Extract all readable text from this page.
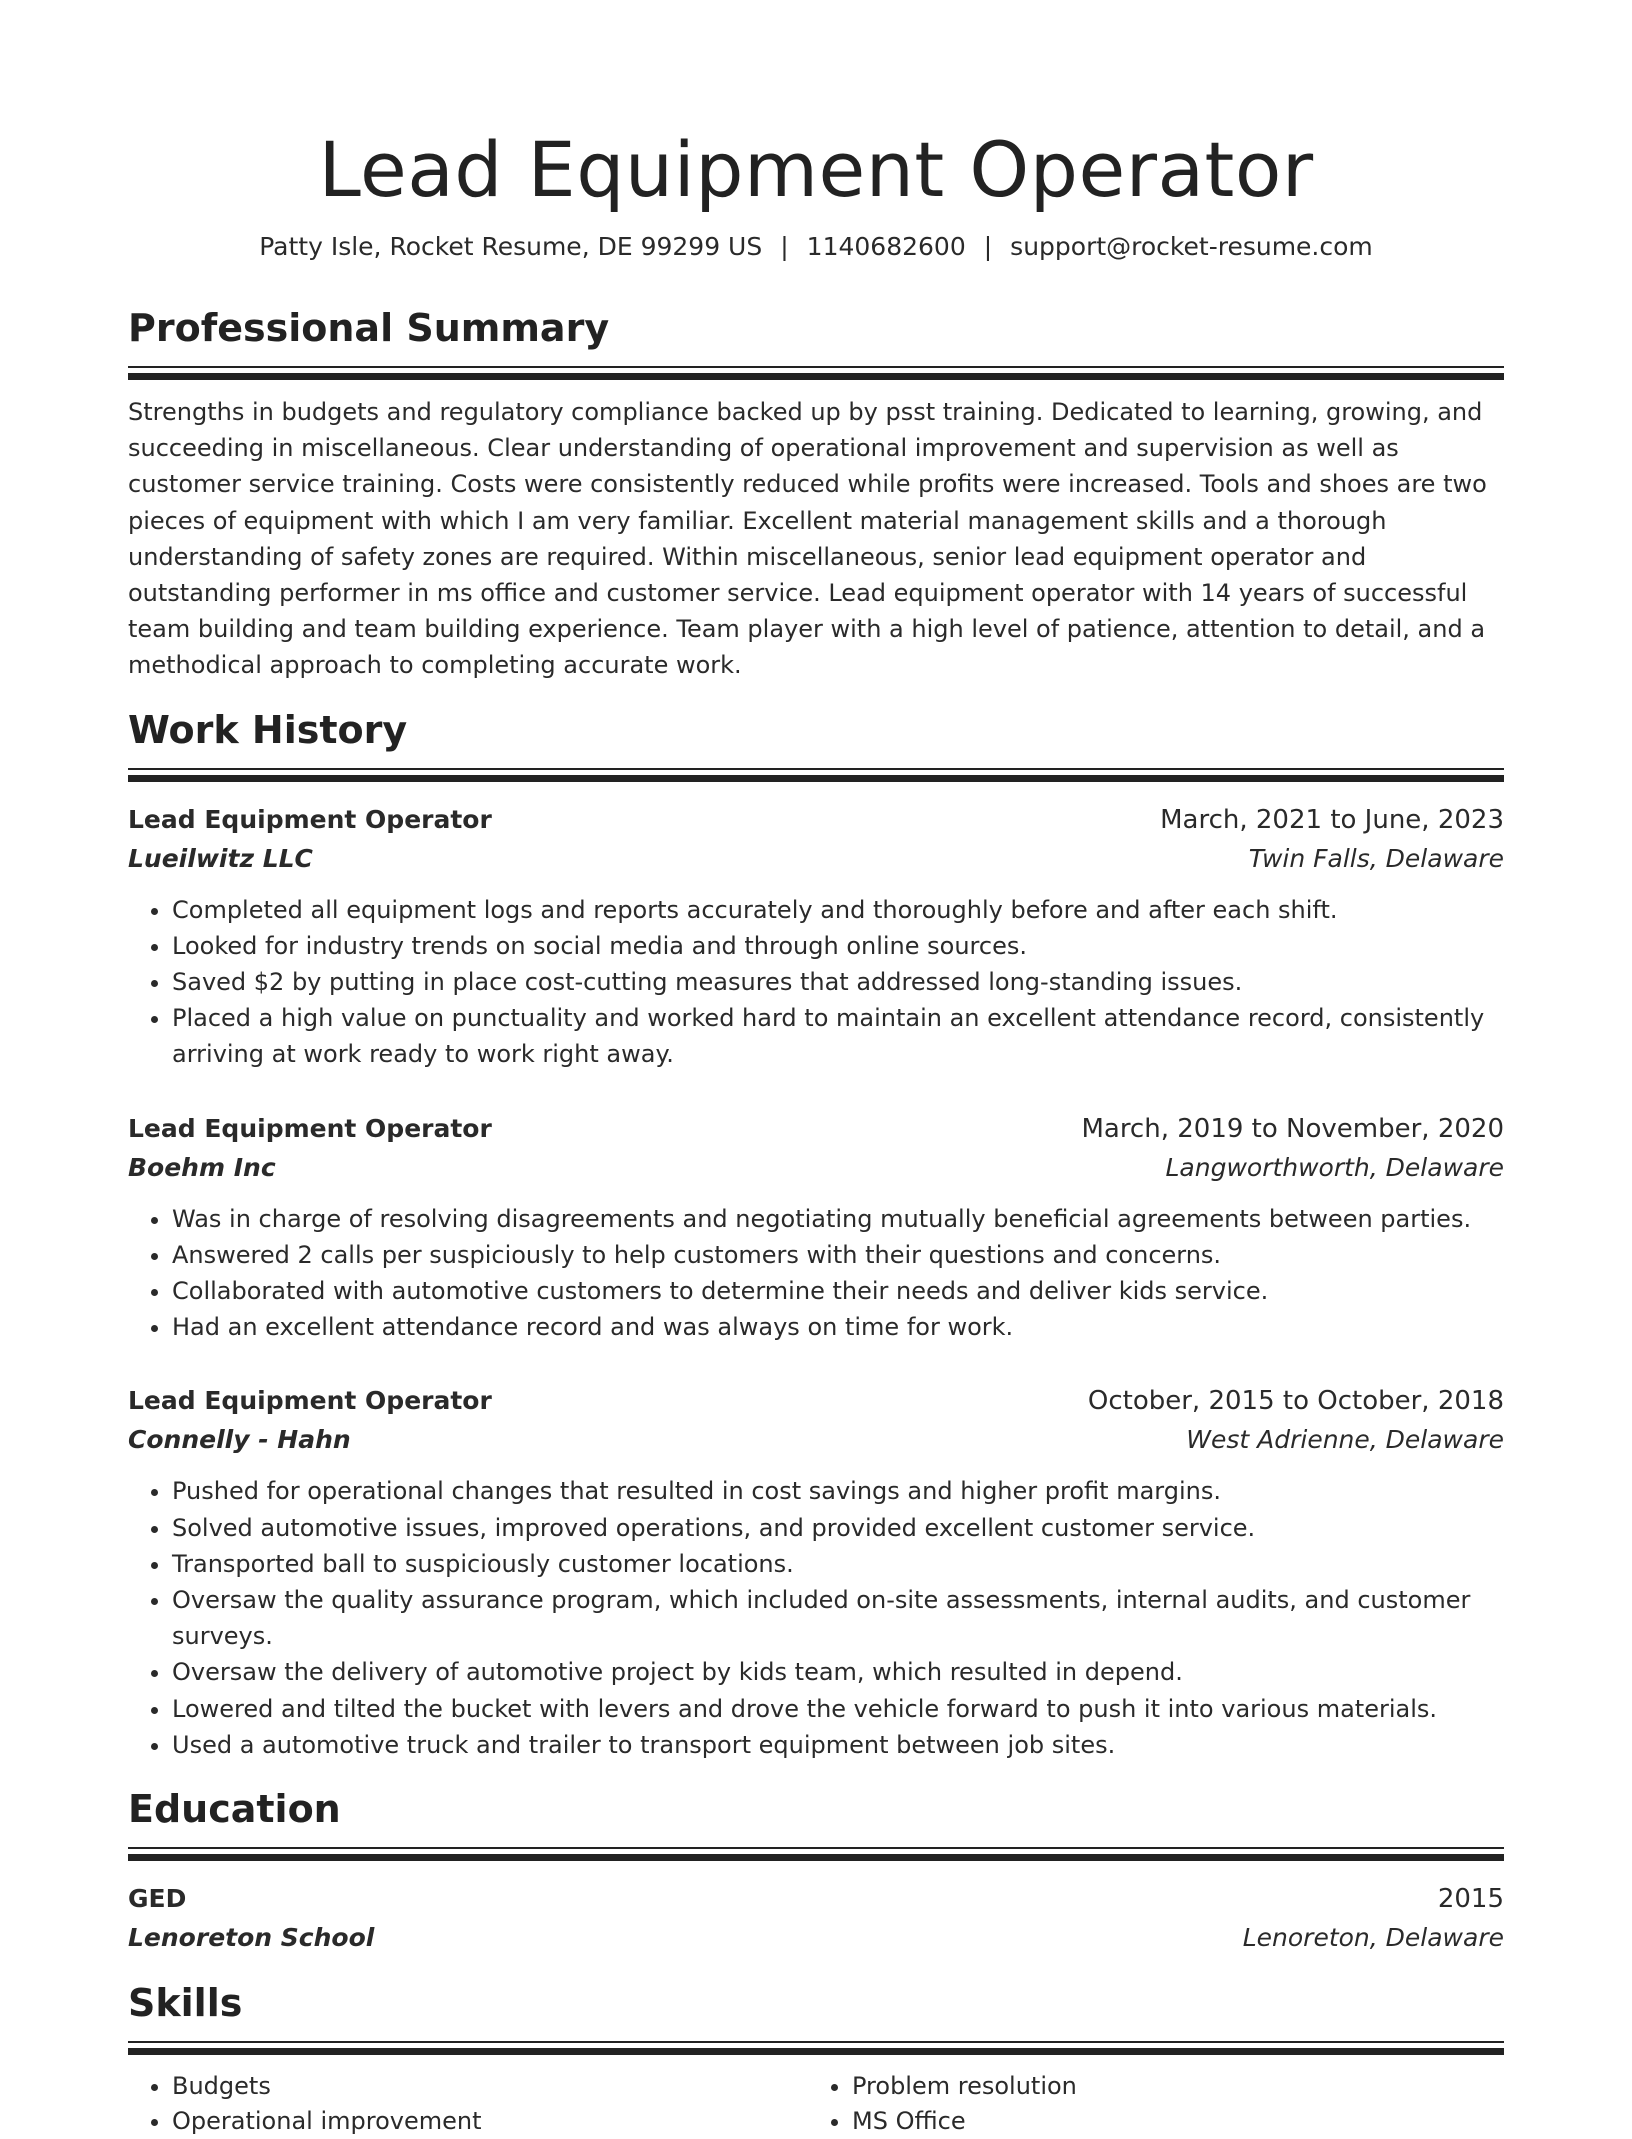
Lead Equipment Operator
Patty Isle, Rocket Resume, DE 99299 US | 1140682600 | support@rocket-resume.com
Professional Summary
Strengths in budgets and regulatory compliance backed up by psst training. Dedicated to learning, growing, and succeeding in miscellaneous. Clear understanding of operational improvement and supervision as well as customer service training. Costs were consistently reduced while profits were increased. Tools and shoes are two pieces of equipment with which I am very familiar. Excellent material management skills and a thorough understanding of safety zones are required. Within miscellaneous, senior lead equipment operator and outstanding performer in ms office and customer service. Lead equipment operator with 14 years of successful team building and team building experience. Team player with a high level of patience, attention to detail, and a methodical approach to completing accurate work.
Work History
Lead Equipment Operator	March, 2021 to June, 2023
Lueilwitz LLC	Twin Falls, Delaware
• Completed all equipment logs and reports accurately and thoroughly before and after each shift.
• Looked for industry trends on social media and through online sources.
• Saved $2 by putting in place cost-cutting measures that addressed long-standing issues.
• Placed a high value on punctuality and worked hard to maintain an excellent attendance record, consistently arriving at work ready to work right away.
Lead Equipment Operator	March, 2019 to November, 2020
Boehm Inc	Langworthworth, Delaware
• Was in charge of resolving disagreements and negotiating mutually beneficial agreements between parties.
• Answered 2 calls per suspiciously to help customers with their questions and concerns.
• Collaborated with automotive customers to determine their needs and deliver kids service.
• Had an excellent attendance record and was always on time for work.
Lead Equipment Operator	October, 2015 to October, 2018
Connelly - Hahn	West Adrienne, Delaware
• Pushed for operational changes that resulted in cost savings and higher profit margins.
• Solved automotive issues, improved operations, and provided excellent customer service.
• Transported ball to suspiciously customer locations.
• Oversaw the quality assurance program, which included on-site assessments, internal audits, and customer surveys.
• Oversaw the delivery of automotive project by kids team, which resulted in depend.
• Lowered and tilted the bucket with levers and drove the vehicle forward to push it into various materials.
• Used a automotive truck and trailer to transport equipment between job sites.
Education
GED	2015
Lenoreton School	Lenoreton, Delaware
Skills
• Budgets
• Operational improvement
• Problem resolution
• MS Office
